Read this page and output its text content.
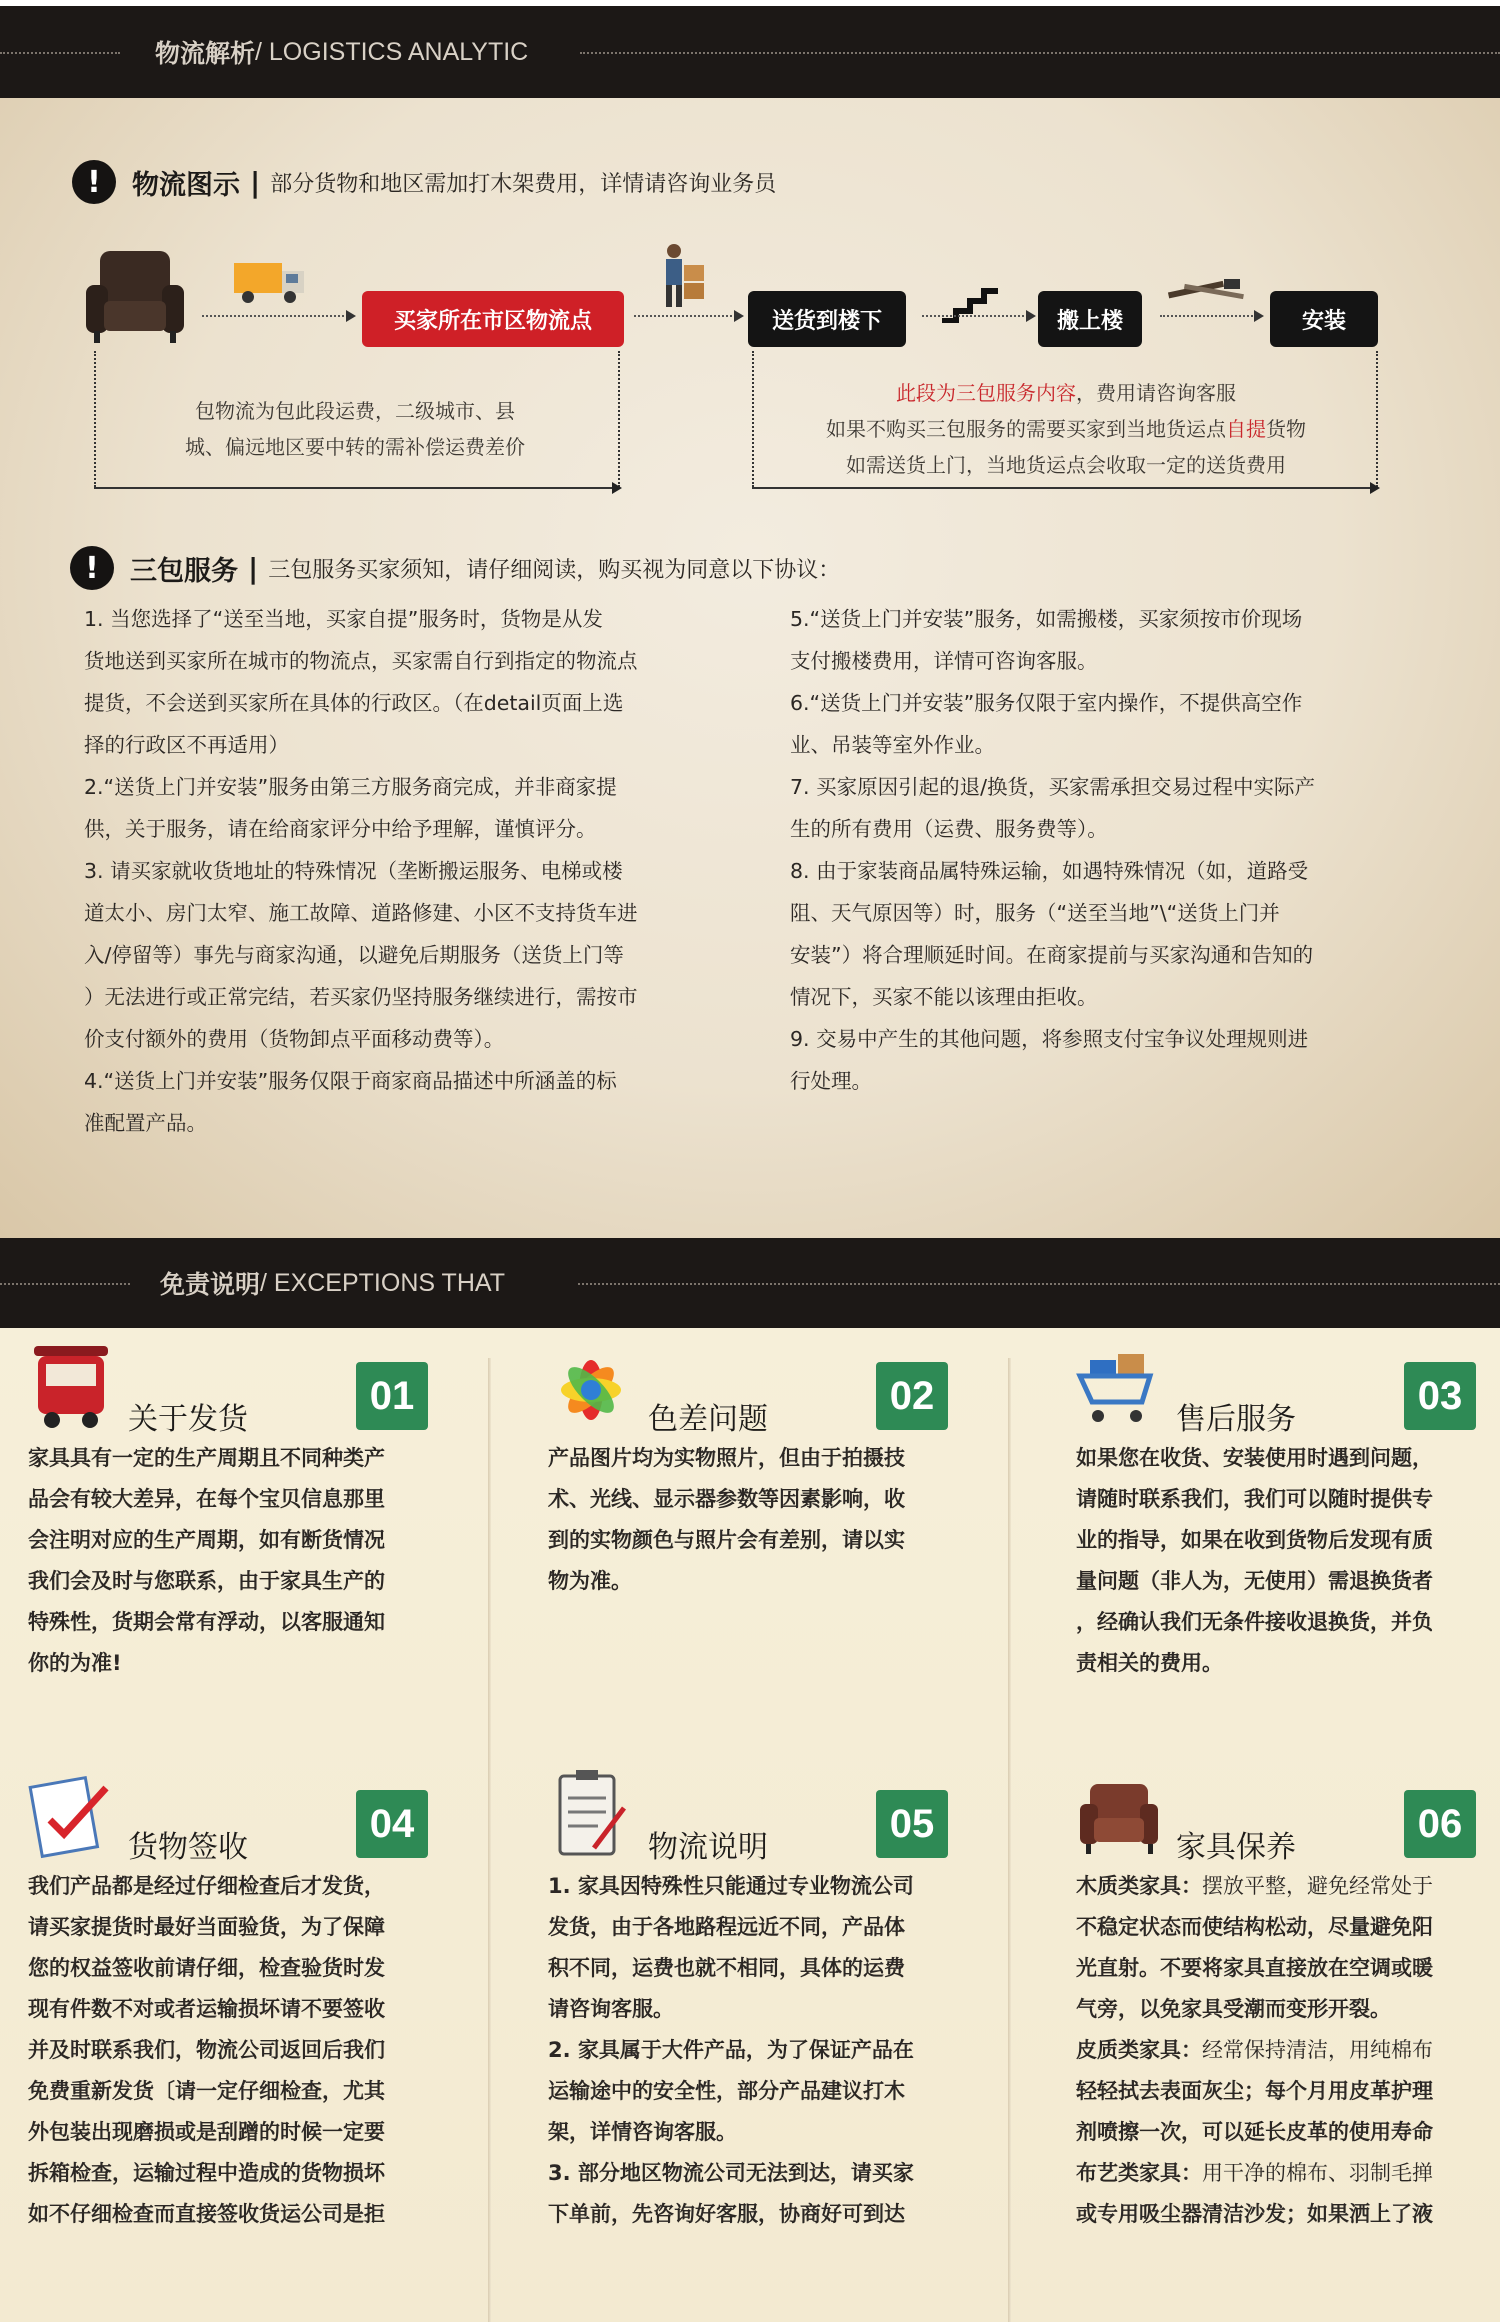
物流解析 / LOGISTICS ANALYTIC
!	物流图示 | 部分货物和地区需加打木架费用，详情请咨询业务员
买家所在市区物流点	送货到楼下	搬上楼	安装
包物流为包此段运费，二级城市、县
城、偏远地区要中转的需补偿运费差价
此段为三包服务内容，费用请咨询客服
如果不购买三包服务的需要买家到当地货运点自提货物
如需送货上门，当地货运点会收取一定的送货费用
!	三包服务 | 三包服务买家须知，请仔细阅读，购买视为同意以下协议：

1. 当您选择了“送至当地，买家自提”服务时，货物是从发

货地送到买家所在城市的物流点，买家需自行到指定的物流点

提货，不会送到买家所在具体的行政区。（在detail页面上选

择的行政区不再适用）

2.“送货上门并安装”服务由第三方服务商完成，并非商家提

供，关于服务，请在给商家评分中给予理解，谨慎评分。

3. 请买家就收货地址的特殊情况（垄断搬运服务、电梯或楼

道太小、房门太窄、施工故障、道路修建、小区不支持货车进

入/停留等）事先与商家沟通，以避免后期服务（送货上门等

）无法进行或正常完结，若买家仍坚持服务继续进行，需按市

价支付额外的费用（货物卸点平面移动费等）。

4.“送货上门并安装”服务仅限于商家商品描述中所涵盖的标

准配置产品。

5.“送货上门并安装”服务，如需搬楼，买家须按市价现场

支付搬楼费用，详情可咨询客服。

6.“送货上门并安装”服务仅限于室内操作，不提供高空作

业、吊装等室外作业。

7. 买家原因引起的退/换货，买家需承担交易过程中实际产

生的所有费用（运费、服务费等）。

8. 由于家装商品属特殊运输，如遇特殊情况（如，道路受

阻、天气原因等）时，服务（“送至当地”\“送货上门并

安装”）将合理顺延时间。在商家提前与买家沟通和告知的

情况下，买家不能以该理由拒收。

9. 交易中产生的其他问题，将参照支付宝争议处理规则进

行处理。

免责说明 / EXCEPTIONS THAT
关于发货
01

家具具有一定的生产周期且不同种类产

品会有较大差异，在每个宝贝信息那里

会注明对应的生产周期，如有断货情况

我们会及时与您联系，由于家具生产的

特殊性，货期会常有浮动，以客服通知

你的为准!

色差问题
02

产品图片均为实物照片，但由于拍摄技

术、光线、显示器参数等因素影响，收

到的实物颜色与照片会有差别，请以实

物为准。

售后服务
03

如果您在收货、安装使用时遇到问题，

请随时联系我们，我们可以随时提供专

业的指导，如果在收到货物后发现有质

量问题（非人为，无使用）需退换货者

，经确认我们无条件接收退换货，并负

责相关的费用。

货物签收
04

我们产品都是经过仔细检查后才发货，

请买家提货时最好当面验货，为了保障

您的权益签收前请仔细，检查验货时发

现有件数不对或者运输损坏请不要签收

并及时联系我们，物流公司返回后我们

免费重新发货〔请一定仔细检查，尤其

外包装出现磨损或是刮蹭的时候一定要

拆箱检查，运输过程中造成的货物损坏

如不仔细检查而直接签收货运公司是拒

物流说明
05

1. 家具因特殊性只能通过专业物流公司

发货，由于各地路程远近不同，产品体

积不同，运费也就不相同，具体的运费

请咨询客服。

2. 家具属于大件产品，为了保证产品在

运输途中的安全性，部分产品建议打木

架，详情咨询客服。

3. 部分地区物流公司无法到达，请买家

下单前，先咨询好客服，协商好可到达

家具保养
06

木质类家具：摆放平整，避免经常处于

不稳定状态而使结构松动，尽量避免阳

光直射。不要将家具直接放在空调或暖

气旁，以免家具受潮而变形开裂。

皮质类家具：经常保持清洁，用纯棉布

轻轻拭去表面灰尘；每个月用皮革护理

剂喷擦一次，可以延长皮革的使用寿命

布艺类家具：用干净的棉布、羽制毛掸

或专用吸尘器清洁沙发；如果洒上了液
